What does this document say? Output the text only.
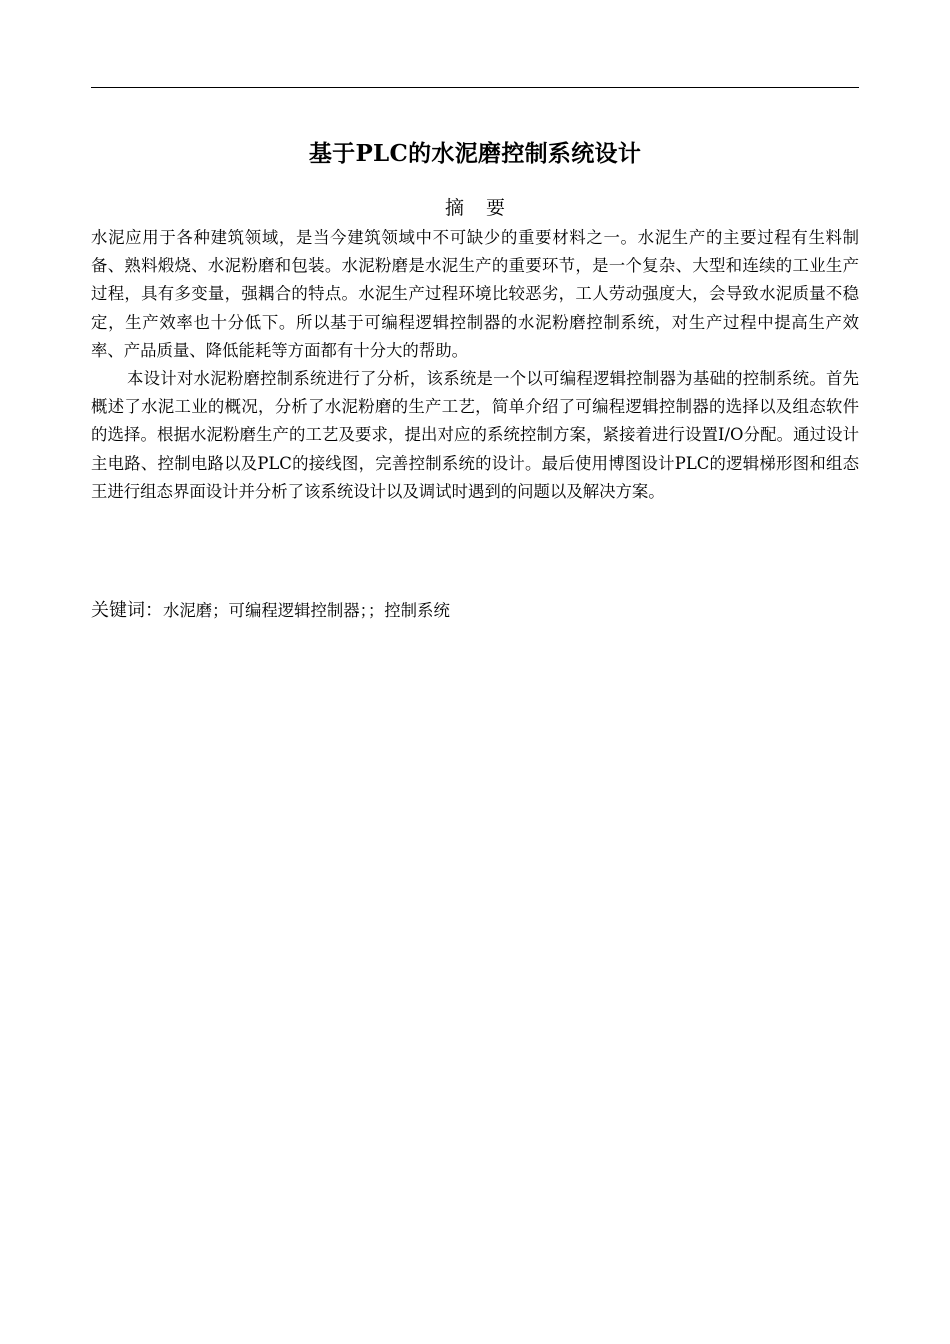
基于PLC的水泥磨控制系统设计
摘 要

水泥应用于各种建筑领域，是当今建筑领域中不可缺少的重要材料之一。水泥生产的主要过程有生料制备、熟料煅烧、水泥粉磨和包装。水泥粉磨是水泥生产的重要环节，是一个复杂、大型和连续的工业生产过程，具有多变量，强耦合的特点。水泥生产过程环境比较恶劣，工人劳动强度大，会导致水泥质量不稳定，生产效率也十分低下。所以基于可编程逻辑控制器的水泥粉磨控制系统，对生产过程中提高生产效率、产品质量、降低能耗等方面都有十分大的帮助。

本设计对水泥粉磨控制系统进行了分析，该系统是一个以可编程逻辑控制器为基础的控制系统。首先概述了水泥工业的概况，分析了水泥粉磨的生产工艺，简单介绍了可编程逻辑控制器的选择以及组态软件的选择。根据水泥粉磨生产的工艺及要求，提出对应的系统控制方案，紧接着进行设置I/O分配。通过设计主电路、控制电路以及PLC的接线图，完善控制系统的设计。最后使用博图设计PLC的逻辑梯形图和组态王进行组态界面设计并分析了该系统设计以及调试时遇到的问题以及解决方案。

关键词：水泥磨；可编程逻辑控制器；；控制系统
